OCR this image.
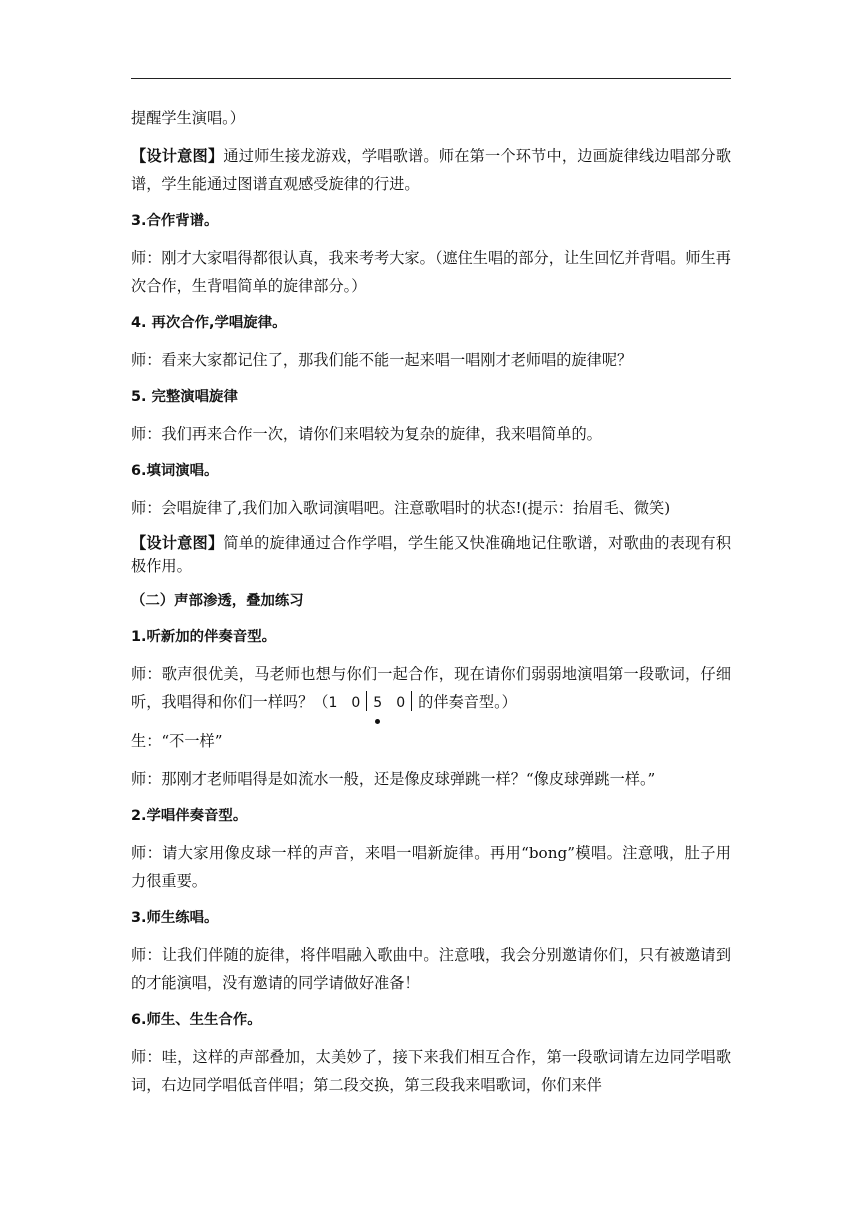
提醒学生演唱。）
【设计意图】通过师生接龙游戏，学唱歌谱。师在第一个环节中，边画旋律线边唱部分歌谱，学生能通过图谱直观感受旋律的行进。
3.合作背谱。
师：刚才大家唱得都很认真，我来考考大家。（遮住生唱的部分，让生回忆并背唱。师生再次合作，生背唱简单的旋律部分。）
4. 再次合作,学唱旋律。
师：看来大家都记住了，那我们能不能一起来唱一唱刚才老师唱的旋律呢？
5. 完整演唱旋律
师：我们再来合作一次，请你们来唱较为复杂的旋律，我来唱简单的。
6.填词演唱。
师：会唱旋律了,我们加入歌词演唱吧。注意歌唱时的状态!(提示：抬眉毛、微笑)
【设计意图】简单的旋律通过合作学唱，学生能又快准确地记住歌谱，对歌曲的表现有积极作用。
（二）声部渗透，叠加练习
1.听新加的伴奏音型。
师：歌声很优美，马老师也想与你们一起合作，现在请你们弱弱地演唱第一段歌词，仔细听，我唱得和你们一样吗？（1 0 5 0 的伴奏音型。）
生：“不一样”
师：那刚才老师唱得是如流水一般，还是像皮球弹跳一样？“像皮球弹跳一样。”
2.学唱伴奏音型。
师：请大家用像皮球一样的声音，来唱一唱新旋律。再用“bong”模唱。注意哦，肚子用力很重要。
3.师生练唱。
师：让我们伴随的旋律，将伴唱融入歌曲中。注意哦，我会分别邀请你们，只有被邀请到的才能演唱，没有邀请的同学请做好准备！
6.师生、生生合作。
师：哇，这样的声部叠加，太美妙了，接下来我们相互合作，第一段歌词请左边同学唱歌词，右边同学唱低音伴唱；第二段交换，第三段我来唱歌词，你们来伴
